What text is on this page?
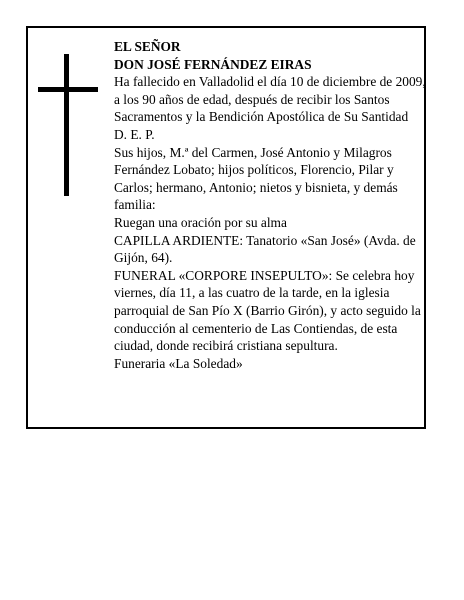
EL SEÑOR

DON JOSÉ FERNÁNDEZ EIRAS

Ha fallecido en Valladolid el día 10 de diciembre de 2009, a los 90 años de edad, después de recibir los Santos Sacramentos y la Bendición Apostólica de Su Santidad

D. E. P.

Sus hijos, M.ª del Carmen, José Antonio y Milagros Fernández Lobato; hijos políticos, Florencio, Pilar y Carlos; hermano, Antonio; nietos y bisnieta, y demás familia:

Ruegan una oración por su alma

CAPILLA ARDIENTE: Tanatorio «San José» (Avda. de Gijón, 64).

FUNERAL «CORPORE INSEPULTO»: Se celebra hoy viernes, día 11, a las cuatro de la tarde, en la iglesia parroquial de San Pío X (Barrio Girón), y acto seguido la conducción al cementerio de Las Contiendas, de esta ciudad, donde recibirá cristiana sepultura.

Funeraria «La Soledad»
